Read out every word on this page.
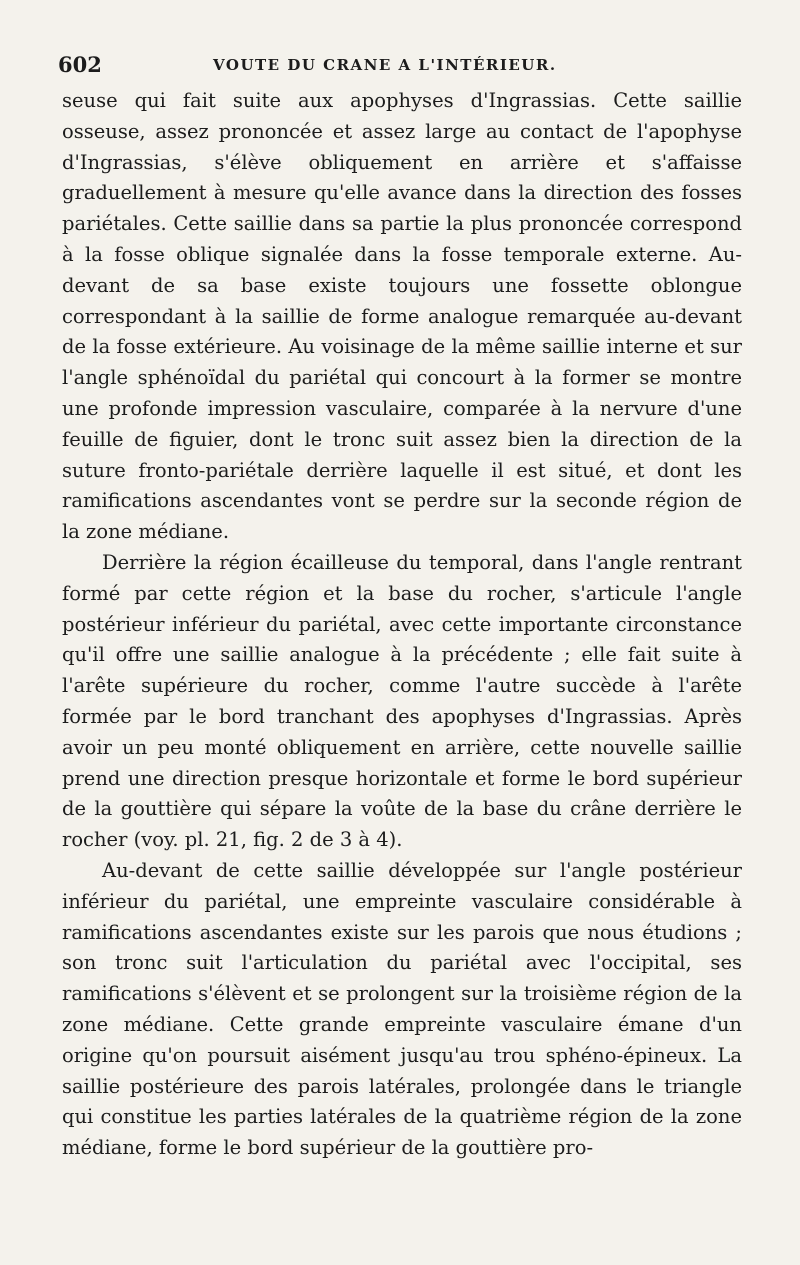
602	VOUTE DU CRANE A L'INTÉRIEUR.

seuse qui fait suite aux apophyses d'Ingrassias. Cette saillie osseuse, assez prononcée et assez large au contact de l'apophyse d'Ingrassias, s'élève obliquement en arrière et s'affaisse graduellement à mesure qu'elle avance dans la direction des fosses pariétales. Cette saillie dans sa partie la plus prononcée correspond à la fosse oblique signalée dans la fosse temporale externe. Au-devant de sa base existe toujours une fossette oblongue correspondant à la saillie de forme analogue remarquée au-devant de la fosse extérieure. Au voisinage de la même saillie interne et sur l'angle sphénoïdal du pariétal qui concourt à la former se montre une profonde impression vasculaire, comparée à la nervure d'une feuille de figuier, dont le tronc suit assez bien la direction de la suture fronto-pariétale derrière laquelle il est situé, et dont les ramifications ascendantes vont se perdre sur la seconde région de la zone médiane.

Derrière la région écailleuse du temporal, dans l'angle rentrant formé par cette région et la base du rocher, s'articule l'angle postérieur inférieur du pariétal, avec cette importante circonstance qu'il offre une saillie analogue à la précédente ; elle fait suite à l'arête supérieure du rocher, comme l'autre succède à l'arête formée par le bord tranchant des apophyses d'Ingrassias. Après avoir un peu monté obliquement en arrière, cette nouvelle saillie prend une direction presque horizontale et forme le bord supérieur de la gouttière qui sépare la voûte de la base du crâne derrière le rocher (voy. pl. 21, fig. 2 de 3 à 4).

Au-devant de cette saillie développée sur l'angle postérieur inférieur du pariétal, une empreinte vasculaire considérable à ramifications ascendantes existe sur les parois que nous étudions ; son tronc suit l'articulation du pariétal avec l'occipital, ses ramifications s'élèvent et se prolongent sur la troisième région de la zone médiane. Cette grande empreinte vasculaire émane d'un origine qu'on poursuit aisément jusqu'au trou sphéno-épineux. La saillie postérieure des parois latérales, prolongée dans le triangle qui constitue les parties latérales de la quatrième région de la zone médiane, forme le bord supérieur de la gouttière pro-
